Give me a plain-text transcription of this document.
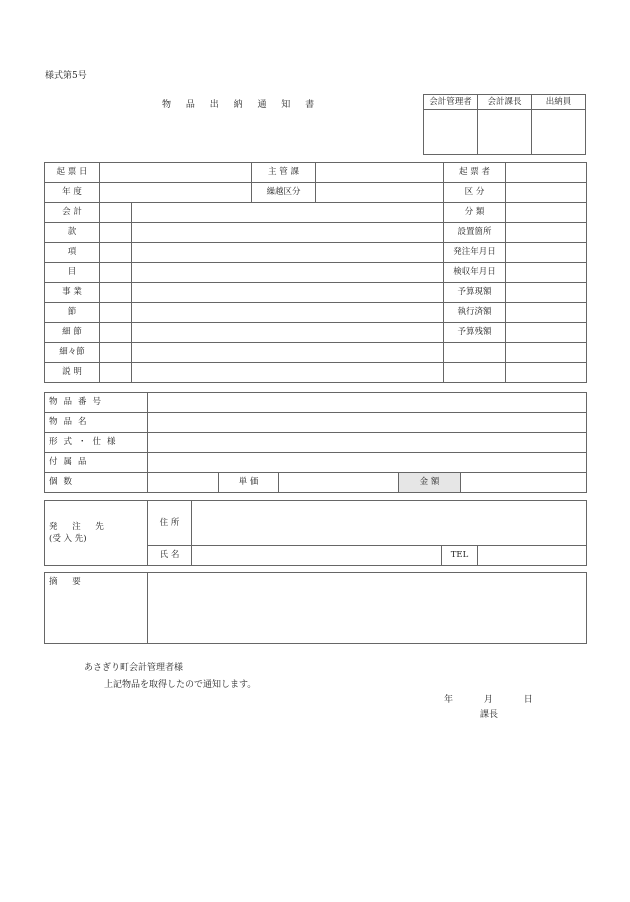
様式第5号
物 品 出 納 通 知 書	会計管理者	会計課長	出納員

起 票 日			主 管 課		起 票 者	
年 度			繰越区分		区 分	
会 計					分 類	
款					設置箇所	
項					発注年月日	
目					検収年月日	
事 業					予算現額	
節					執行済額	
細 節					予算残額	
細々節						
説 明						
物品番号					
物品名					
形式・仕様					
付属品					
個数		単 価		金 額	
発 注 先
(受 入 先)	住 所			
	氏 名		TEL	
摘 要	
あさぎり町会計管理者様
上記物品を取得したので通知します。
年 月 日
課長
